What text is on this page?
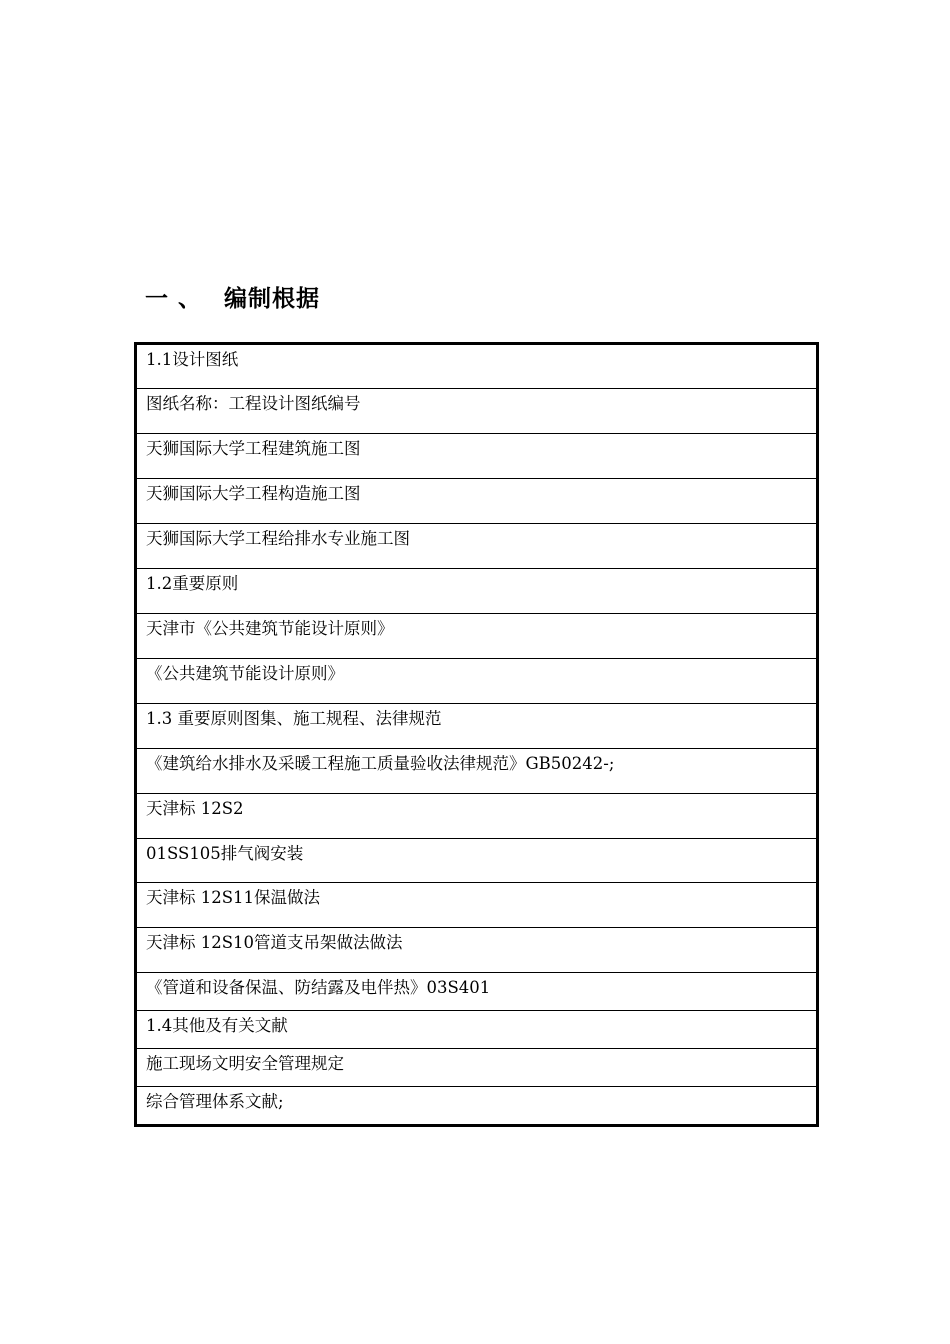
一 、 编制根据
1.1设计图纸
图纸名称：工程设计图纸编号
天狮国际大学工程建筑施工图
天狮国际大学工程构造施工图
天狮国际大学工程给排水专业施工图
1.2重要原则
天津市《公共建筑节能设计原则》
《公共建筑节能设计原则》
1.3 重要原则图集、施工规程、法律规范
《建筑给水排水及采暖工程施工质量验收法律规范》GB50242-;
天津标 12S2
01SS105排气阀安装
天津标 12S11保温做法
天津标 12S10管道支吊架做法做法
《管道和设备保温、防结露及电伴热》03S401
1.4其他及有关文献
施工现场文明安全管理规定
综合管理体系文献;
